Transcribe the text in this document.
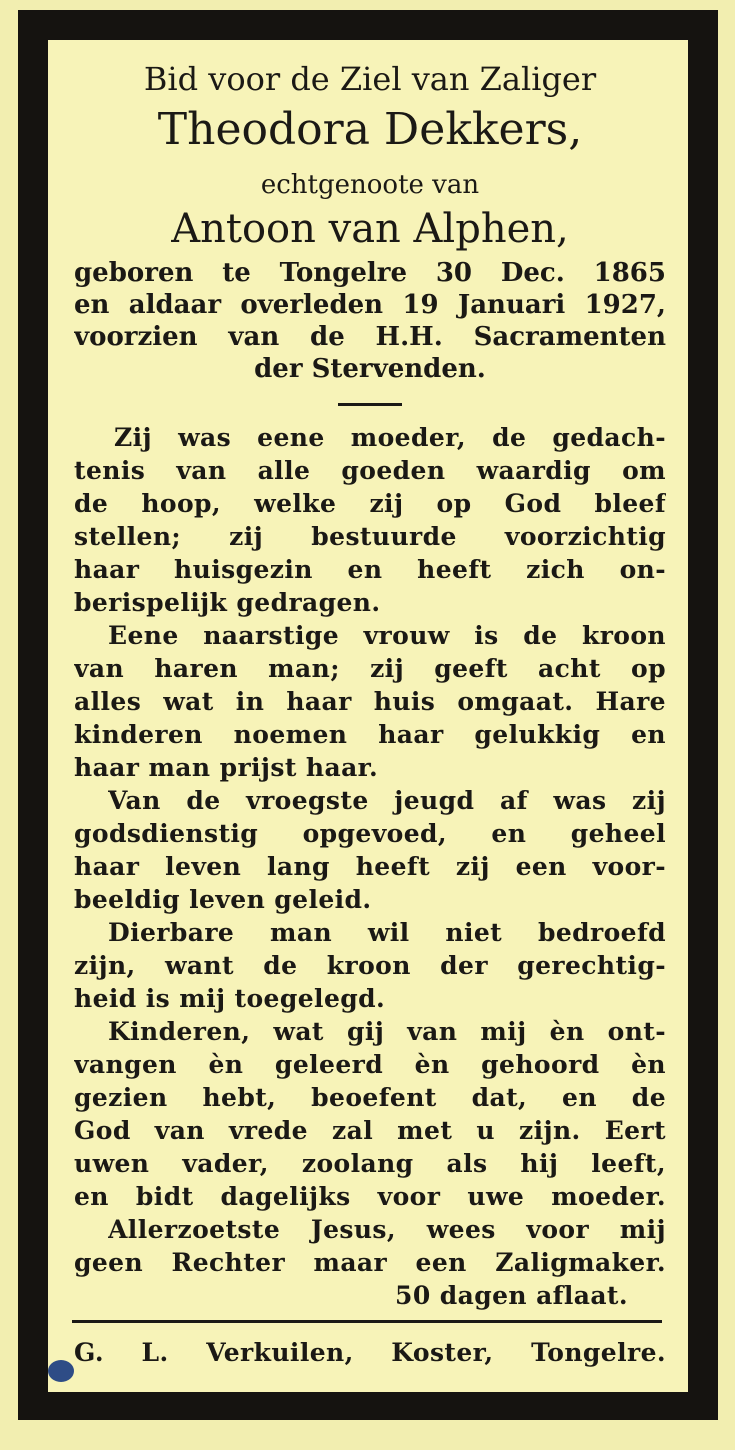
Bid voor de Ziel van Zaliger
Theodora Dekkers,
echtgenoote van
Antoon van Alphen,
geboren te Tongelre 30 Dec. 1865
en aldaar overleden 19 Januari 1927,
voorzien van de H.H. Sacramenten
der Stervenden.
Zij was eene moeder, de gedach-
tenis van alle goeden waardig om
de hoop, welke zij op God bleef
stellen; zij bestuurde voorzichtig
haar huisgezin en heeft zich on-
berispelijk gedragen.
Eene naarstige vrouw is de kroon
van haren man; zij geeft acht op
alles wat in haar huis omgaat. Hare
kinderen noemen haar gelukkig en
haar man prijst haar.
Van de vroegste jeugd af was zij
godsdienstig opgevoed, en geheel
haar leven lang heeft zij een voor-
beeldig leven geleid.
Dierbare man wil niet bedroefd
zijn, want de kroon der gerechtig-
heid is mij toegelegd.
Kinderen, wat gij van mij èn ont-
vangen èn geleerd èn gehoord èn
gezien hebt, beoefent dat, en de
God van vrede zal met u zijn. Eert
uwen vader, zoolang als hij leeft,
en bidt dagelijks voor uwe moeder.
Allerzoetste Jesus, wees voor mij
geen Rechter maar een Zaligmaker.
50 dagen aflaat.
G. L. Verkuilen, Koster, Tongelre.
